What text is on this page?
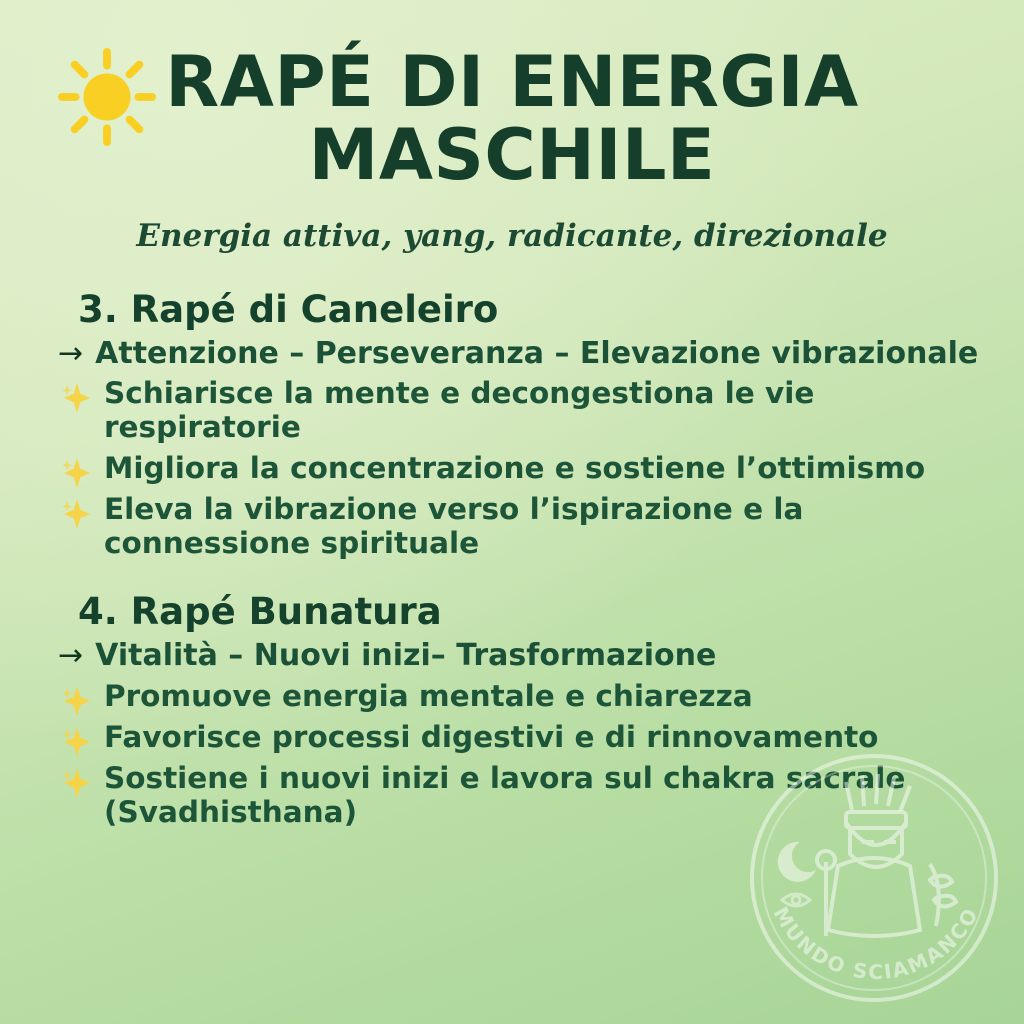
RAPÉ DI ENERGIA MASCHILE

Energia attiva, yang, radicante, direzionale

3. Rapé di Caneleiro
→ Attenzione – Perseveranza – Elevazione vibrazionale
Schiarisce la mente e decongestiona le vie respiratorie
Migliora la concentrazione e sostiene l’ottimismo
Eleva la vibrazione verso l’ispirazione e la connessione spirituale
4. Rapé Bunatura
→ Vitalità – Nuovi inizi– Trasformazione
Promuove energia mentale e chiarezza
Favorisce processi digestivi e di rinnovamento
Sostiene i nuovi inizi e lavora sul chakra sacrale (Svadhisthana)
MUNDO SCIAMANCO
